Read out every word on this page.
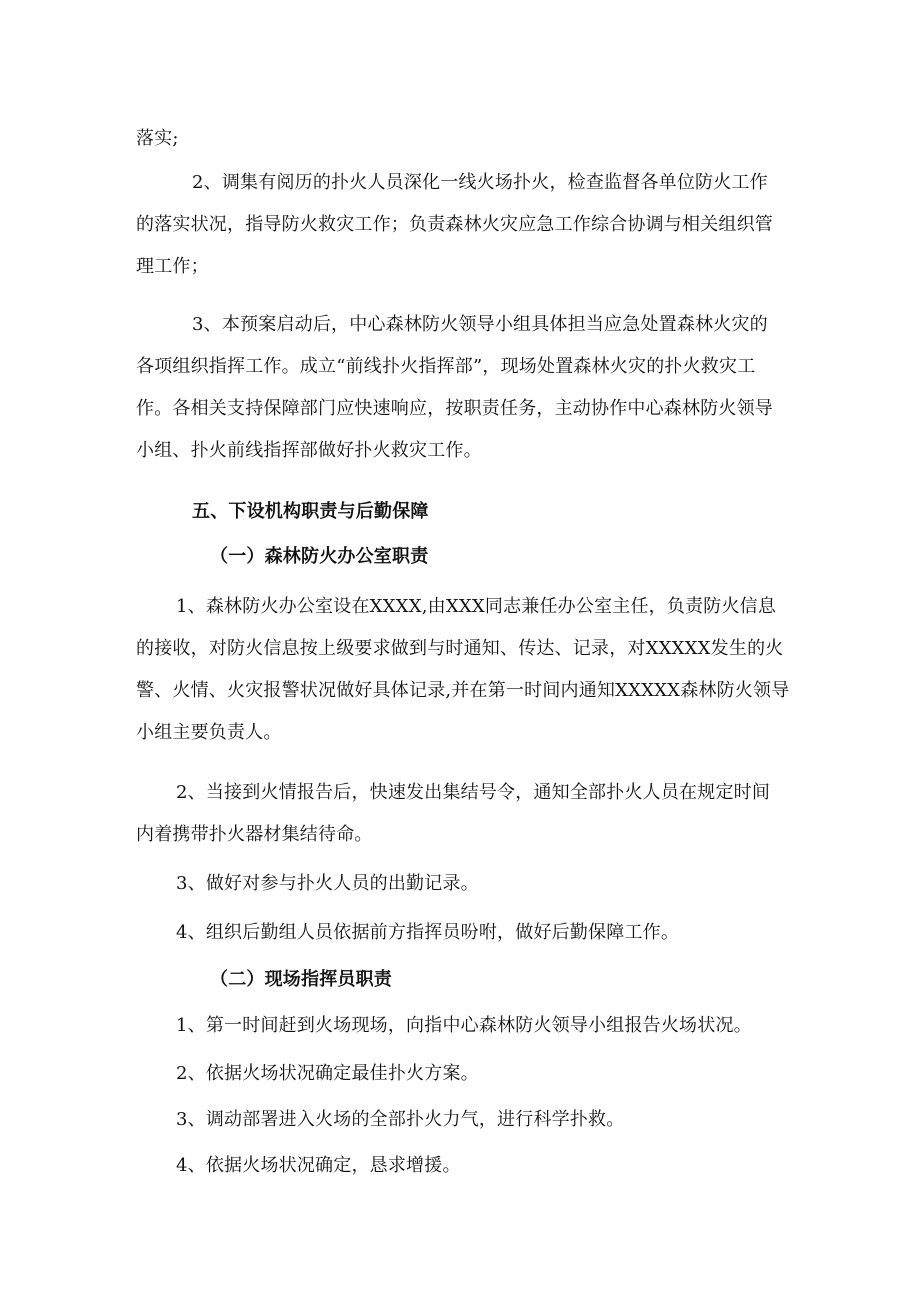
落实;
2、调集有阅历的扑火人员深化一线火场扑火，检查监督各单位防火工作
的落实状况，指导防火救灾工作；负责森林火灾应急工作综合协调与相关组织管
理工作；
3、本预案启动后，中心森林防火领导小组具体担当应急处置森林火灾的
各项组织指挥工作。成立“前线扑火指挥部”，现场处置森林火灾的扑火救灾工
作。各相关支持保障部门应快速响应，按职责任务，主动协作中心森林防火领导
小组、扑火前线指挥部做好扑火救灾工作。
五、下设机构职责与后勤保障
（一）森林防火办公室职责
1、森林防火办公室设在XXXX,由XXX同志兼任办公室主任，负责防火信息
的接收，对防火信息按上级要求做到与时通知、传达、记录，对XXXXX发生的火
警、火情、火灾报警状况做好具体记录,并在第一时间内通知XXXXX森林防火领导
小组主要负责人。
2、当接到火情报告后，快速发出集结号令，通知全部扑火人员在规定时间
内着携带扑火器材集结待命。
3、做好对参与扑火人员的出勤记录。
4、组织后勤组人员依据前方指挥员吩咐，做好后勤保障工作。
（二）现场指挥员职责
1、第一时间赶到火场现场，向指中心森林防火领导小组报告火场状况。
2、依据火场状况确定最佳扑火方案。
3、调动部署进入火场的全部扑火力气，进行科学扑救。
4、依据火场状况确定，恳求增援。
